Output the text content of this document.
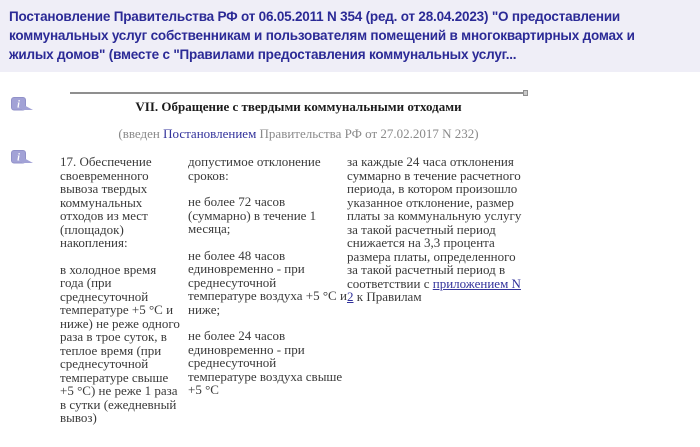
Постановление Правительства РФ от 06.05.2011 N 354 (ред. от 28.04.2023) "О предоставлении коммунальных услуг собственникам и пользователям помещений в многоквартирных домах и жилых домов" (вместе с "Правилами предоставления коммунальных услуг...
i
i
VII. Обращение с твердыми коммунальными отходами
(введен Постановлением Правительства РФ от 27.02.2017 N 232)

17. Обеспечение своевременного вывоза твердых коммунальных отходов из мест (площадок) накопления:

в холодное время года (при среднесуточной температуре +5 °C и ниже) не реже одного раза в трое суток, в теплое время (при среднесуточной температуре свыше +5 °C) не реже 1 раза в сутки (ежедневный вывоз)

допустимое отклонение сроков:

не более 72 часов (суммарно) в течение 1 месяца;

не более 48 часов единовременно - при среднесуточной температуре воздуха +5 °C и ниже;

не более 24 часов единовременно - при среднесуточной температуре воздуха свыше +5 °C

за каждые 24 часа отклонения суммарно в течение расчетного периода, в котором произошло указанное отклонение, размер платы за коммунальную услугу за такой расчетный период снижается на 3,3 процента размера платы, определенного за такой расчетный период в соответствии с приложением N 2 к Правилам
